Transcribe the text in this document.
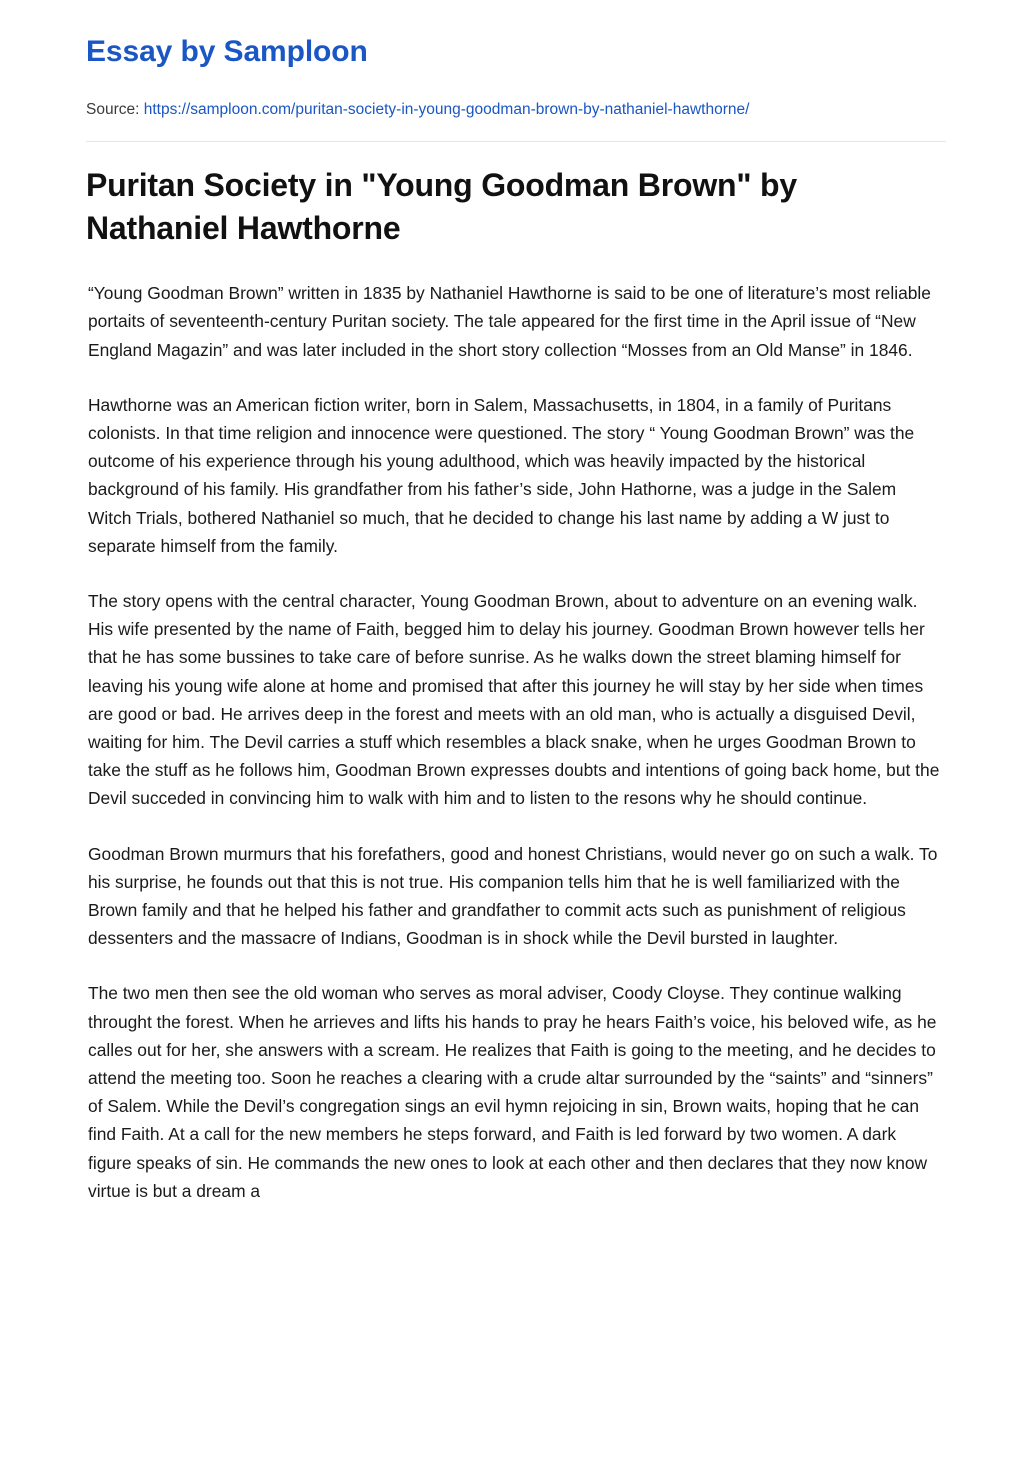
Essay by Samploon
Source: https://samploon.com/puritan-society-in-young-goodman-brown-by-nathaniel-hawthorne/
Puritan Society in "Young Goodman Brown" by Nathaniel Hawthorne

“Young Goodman Brown” written in 1835 by Nathaniel Hawthorne is said to be one of literature’s most reliable portaits of seventeenth-century Puritan society. The tale appeared for the first time in the April issue of “New England Magazin” and was later included in the short story collection “Mosses from an Old Manse” in 1846.

Hawthorne was an American fiction writer, born in Salem, Massachusetts, in 1804, in a family of Puritans colonists. In that time religion and innocence were questioned. The story “ Young Goodman Brown” was the outcome of his experience through his young adulthood, which was heavily impacted by the historical background of his family. His grandfather from his father’s side, John Hathorne, was a judge in the Salem Witch Trials, bothered Nathaniel so much, that he decided to change his last name by adding a W just to separate himself from the family.

The story opens with the central character, Young Goodman Brown, about to adventure on an evening walk. His wife presented by the name of Faith, begged him to delay his journey. Goodman Brown however tells her that he has some bussines to take care of before sunrise. As he walks down the street blaming himself for leaving his young wife alone at home and promised that after this journey he will stay by her side when times are good or bad. He arrives deep in the forest and meets with an old man, who is actually a disguised Devil, waiting for him. The Devil carries a stuff which resembles a black snake, when he urges Goodman Brown to take the stuff as he follows him, Goodman Brown expresses doubts and intentions of going back home, but the Devil succeded in convincing him to walk with him and to listen to the resons why he should continue.

Goodman Brown murmurs that his forefathers, good and honest Christians, would never go on such a walk. To his surprise, he founds out that this is not true. His companion tells him that he is well familiarized with the Brown family and that he helped his father and grandfather to commit acts such as punishment of religious dessenters and the massacre of Indians, Goodman is in shock while the Devil bursted in laughter.

The two men then see the old woman who serves as moral adviser, Coody Cloyse. They continue walking throught the forest. When he arrieves and lifts his hands to pray he hears Faith’s voice, his beloved wife, as he calles out for her, she answers with a scream. He realizes that Faith is going to the meeting, and he decides to attend the meeting too. Soon he reaches a clearing with a crude altar surrounded by the “saints” and “sinners” of Salem. While the Devil’s congregation sings an evil hymn rejoicing in sin, Brown waits, hoping that he can find Faith. At a call for the new members he steps forward, and Faith is led forward by two women. A dark figure speaks of sin. He commands the new ones to look at each other and then declares that they now know virtue is but a dream a
